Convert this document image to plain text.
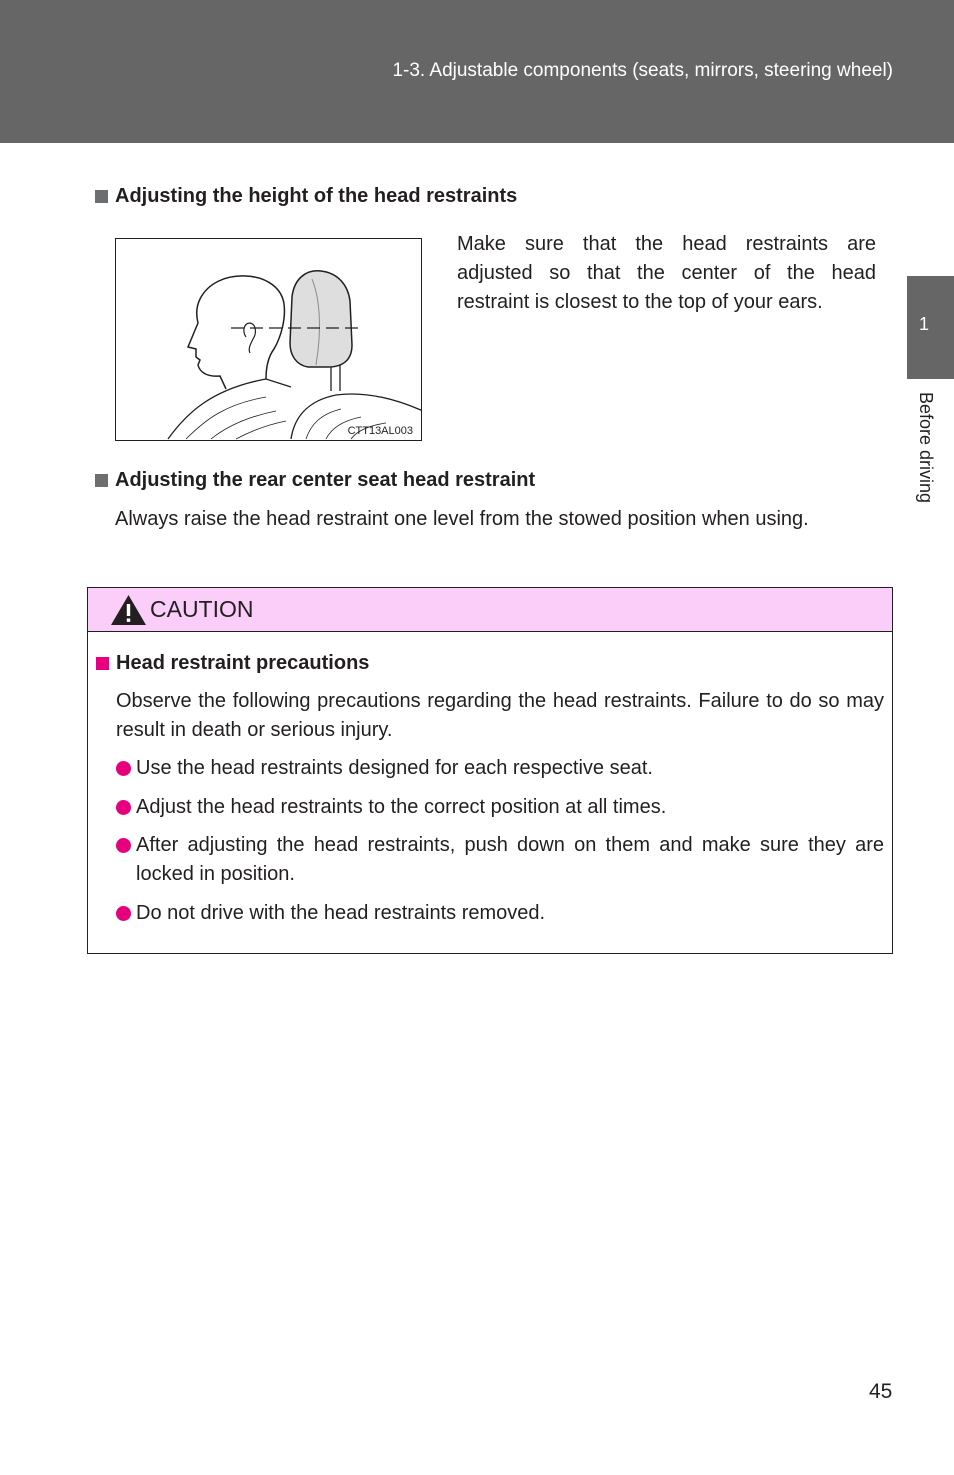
1-3. Adjustable components (seats, mirrors, steering wheel)
1
Before driving
Adjusting the height of the head restraints
CTT13AL003

Make sure that the head restraints are adjusted so that the center of the head restraint is closest to the top of your ears.

Adjusting the rear center seat head restraint

Always raise the head restraint one level from the stowed position when using.

CAUTION
Head restraint precautions

Observe the following precautions regarding the head restraints. Failure to do so may result in death or serious injury.

Use the head restraints designed for each respective seat.
Adjust the head restraints to the correct position at all times.
After adjusting the head restraints, push down on them and make sure they are locked in position.
Do not drive with the head restraints removed.
45
